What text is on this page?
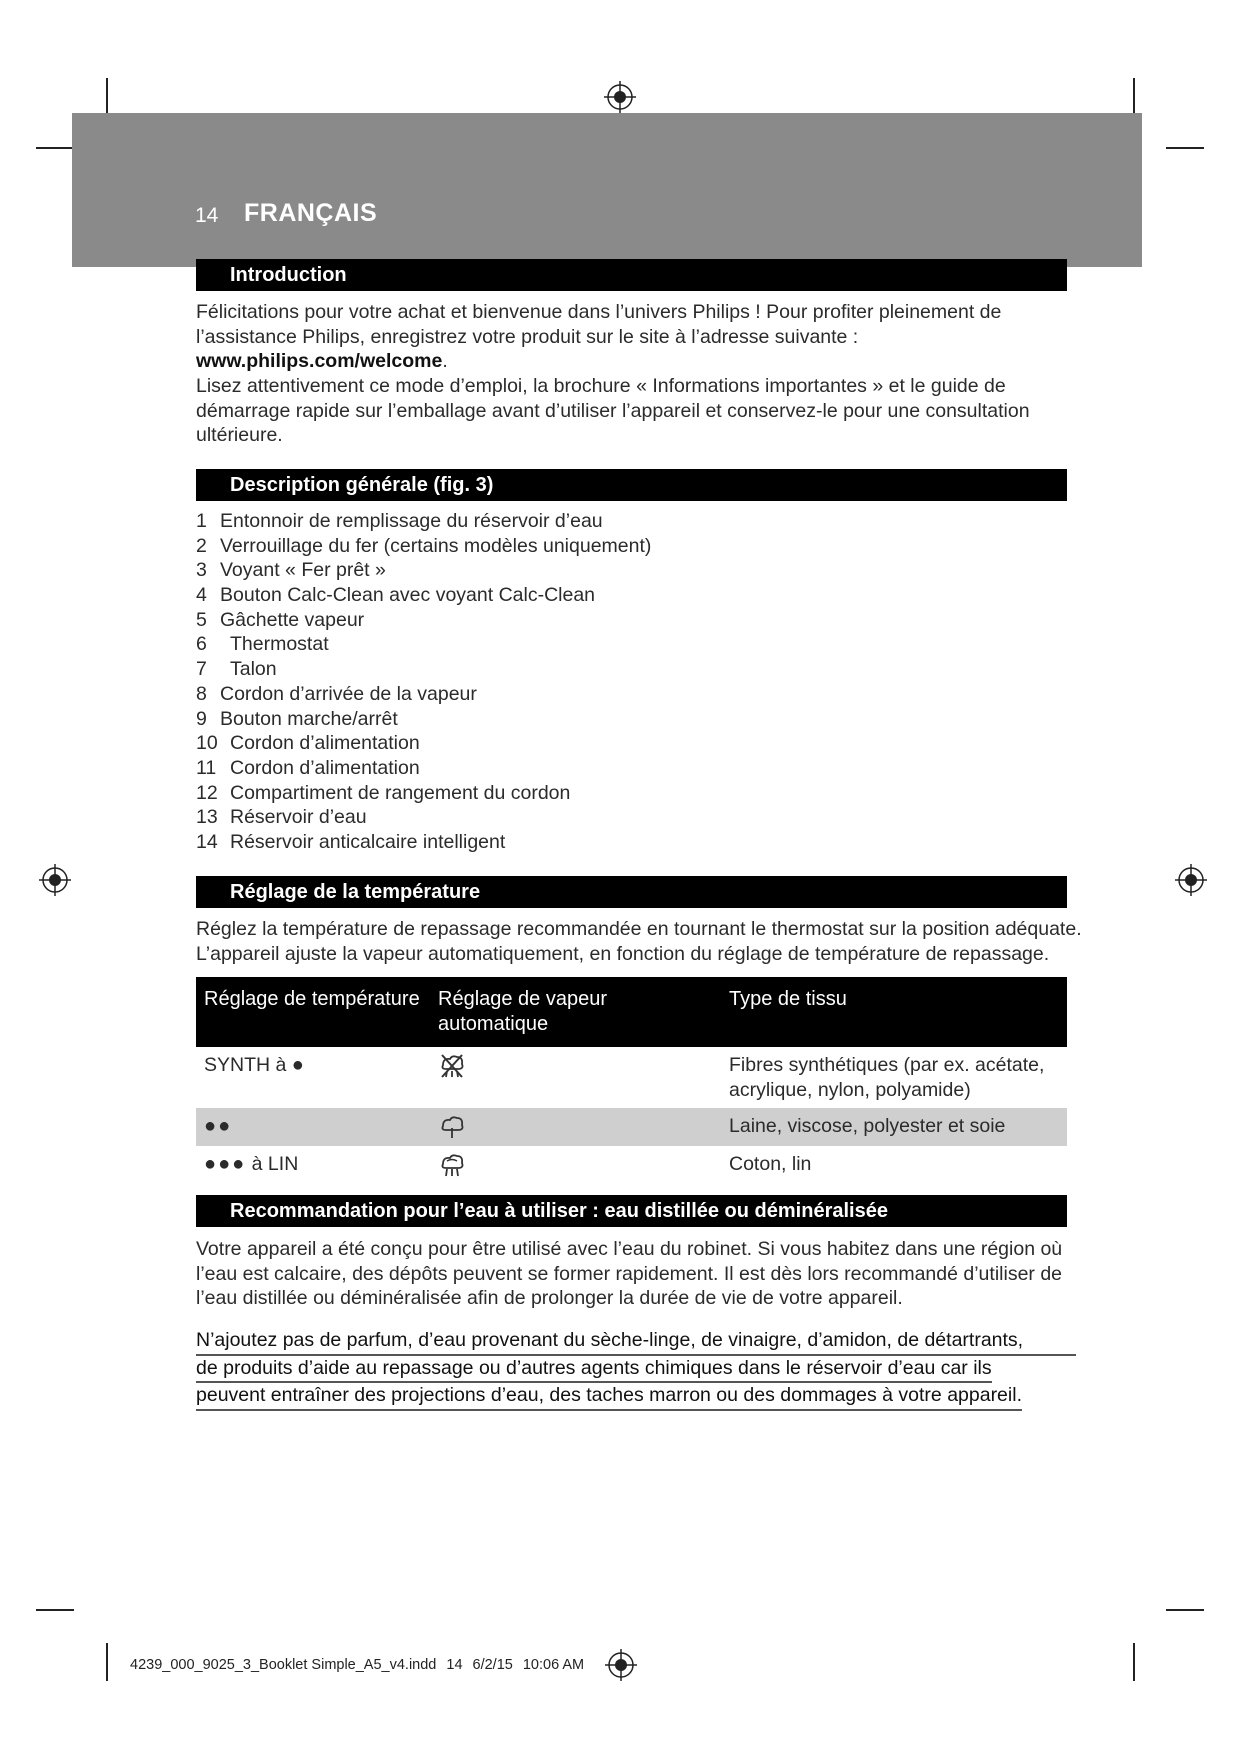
14 FRANÇAIS
Introduction
Félicitations pour votre achat et bienvenue dans l’univers Philips ! Pour profiter pleinement de l’assistance Philips, enregistrez votre produit sur le site à l’adresse suivante : www.philips.com/welcome.
Lisez attentivement ce mode d’emploi, la brochure « Informations importantes » et le guide de démarrage rapide sur l’emballage avant d’utiliser l’appareil et conservez-le pour une consultation ultérieure.
Description générale (fig. 3)
1 Entonnoir de remplissage du réservoir d’eau
2 Verrouillage du fer (certains modèles uniquement)
3 Voyant « Fer prêt »
4 Bouton Calc-Clean avec voyant Calc-Clean
5 Gâchette vapeur
6 Thermostat
7 Talon
8 Cordon d’arrivée de la vapeur
9 Bouton marche/arrêt
10 Cordon d’alimentation
11 Cordon d’alimentation
12 Compartiment de rangement du cordon
13 Réservoir d’eau
14 Réservoir anticalcaire intelligent
Réglage de la température
Réglez la température de repassage recommandée en tournant le thermostat sur la position adéquate. L’appareil ajuste la vapeur automatiquement, en fonction du réglage de température de repassage.
Réglage de température	Réglage de vapeur automatique	Type de tissu
SYNTH à ●		Fibres synthétiques (par ex. acétate, acrylique, nylon, polyamide)
●●		Laine, viscose, polyester et soie
●●● à LIN		Coton, lin
Recommandation pour l’eau à utiliser : eau distillée ou déminéralisée
Votre appareil a été conçu pour être utilisé avec l’eau du robinet. Si vous habitez dans une région où l’eau est calcaire, des dépôts peuvent se former rapidement. Il est dès lors recommandé d’utiliser de l’eau distillée ou déminéralisée afin de prolonger la durée de vie de votre appareil.
N’ajoutez pas de parfum, d’eau provenant du sèche-linge, de vinaigre, d’amidon, de détartrants,
de produits d’aide au repassage ou d’autres agents chimiques dans le réservoir d’eau car ils peuvent entraîner des projections d’eau, des taches marron ou des dommages à votre appareil.
4239_000_9025_3_Booklet Simple_A5_v4.indd 14 6/2/15 10:06 AM
